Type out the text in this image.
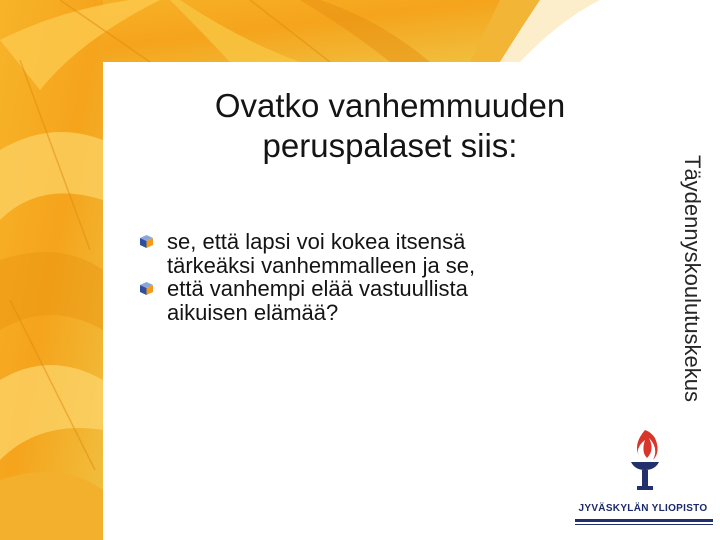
Ovatko vanhemmuuden
peruspalaset siis:
se, että lapsi voi kokea itsensä
tärkeäksi vanhemmalleen ja se,
että vanhempi elää vastuullista
aikuisen elämää?	Täydennyskoulutuskekus
JYVÄSKYLÄN YLIOPISTO
